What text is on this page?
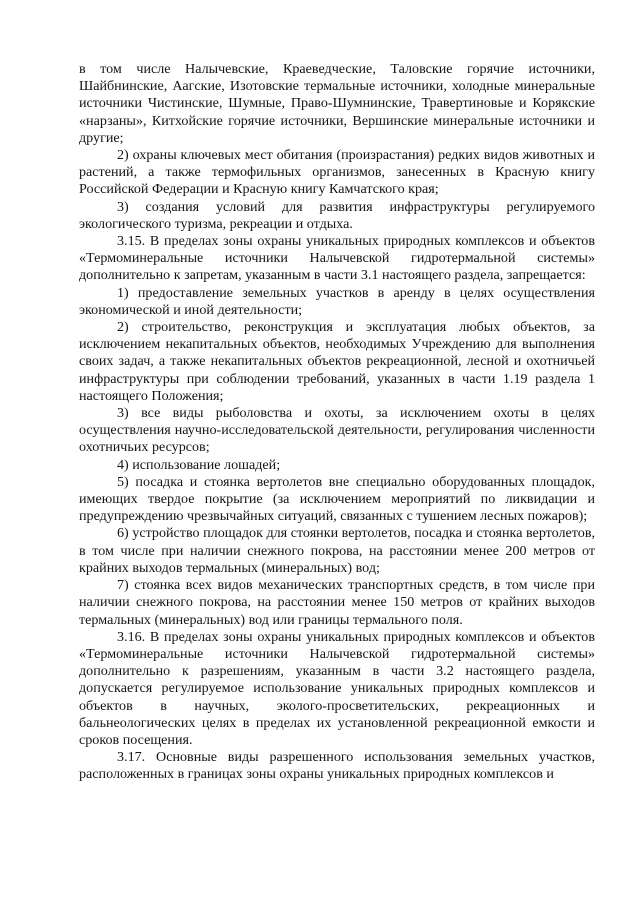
в том числе Налычевские, Краеведческие, Таловские горячие источники, Шайбнинские, Аагские, Изотовские термальные источники, холодные минеральные источники Чистинские, Шумные, Право-Шумнинские, Травертиновые и Корякские «нарзаны», Китхойские горячие источники, Вершинские минеральные источники и другие;

2) охраны ключевых мест обитания (произрастания) редких видов животных и растений, а также термофильных организмов, занесенных в Красную книгу Российской Федерации и Красную книгу Камчатского края;

3) создания условий для развития инфраструктуры регулируемого экологического туризма, рекреации и отдыха.

3.15. В пределах зоны охраны уникальных природных комплексов и объектов «Термоминеральные источники Налычевской гидротермальной системы» дополнительно к запретам, указанным в части 3.1 настоящего раздела, запрещается:

1) предоставление земельных участков в аренду в целях осуществления экономической и иной деятельности;

2) строительство, реконструкция и эксплуатация любых объектов, за исключением некапитальных объектов, необходимых Учреждению для выполнения своих задач, а также некапитальных объектов рекреационной, лесной и охотничьей инфраструктуры при соблюдении требований, указанных в части 1.19 раздела 1 настоящего Положения;

3) все виды рыболовства и охоты, за исключением охоты в целях осуществления научно-исследовательской деятельности, регулирования численности охотничьих ресурсов;

4) использование лошадей;

5) посадка и стоянка вертолетов вне специально оборудованных площадок, имеющих твердое покрытие (за исключением мероприятий по ликвидации и предупреждению чрезвычайных ситуаций, связанных с тушением лесных пожаров);

6) устройство площадок для стоянки вертолетов, посадка и стоянка вертолетов, в том числе при наличии снежного покрова, на расстоянии менее 200 метров от крайних выходов термальных (минеральных) вод;

7) стоянка всех видов механических транспортных средств, в том числе при наличии снежного покрова, на расстоянии менее 150 метров от крайних выходов термальных (минеральных) вод или границы термального поля.

3.16. В пределах зоны охраны уникальных природных комплексов и объектов «Термоминеральные источники Налычевской гидротермальной системы» дополнительно к разрешениям, указанным в части 3.2 настоящего раздела, допускается регулируемое использование уникальных природных комплексов и объектов в научных, эколого-просветительских, рекреационных и бальнеологических целях в пределах их установленной рекреационной емкости и сроков посещения.

3.17. Основные виды разрешенного использования земельных участков, расположенных в границах зоны охраны уникальных природных комплексов и
